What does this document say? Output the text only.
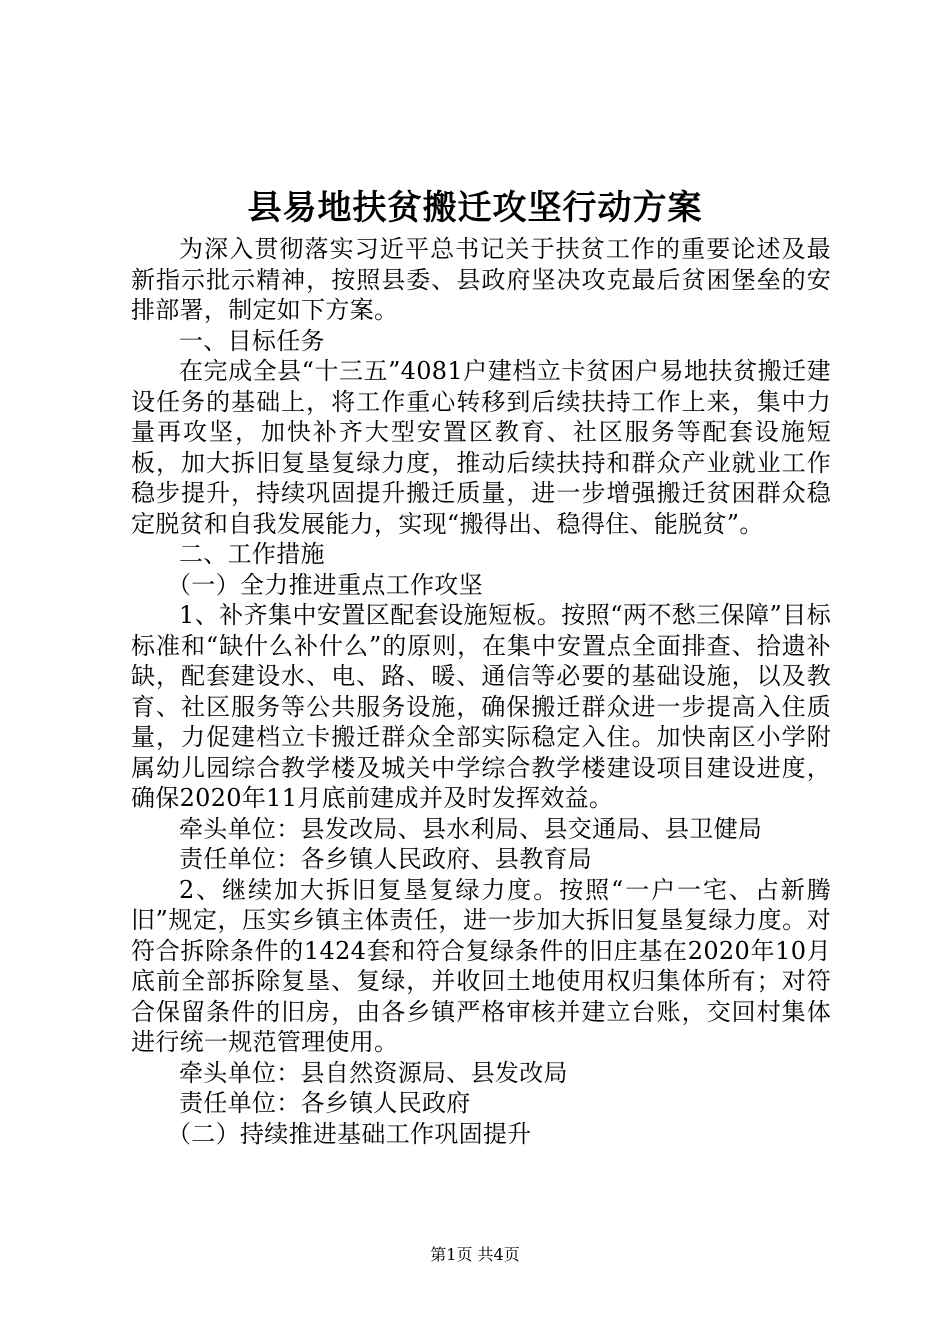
县易地扶贫搬迁攻坚行动方案

为深入贯彻落实习近平总书记关于扶贫工作的重要论述及最新指示批示精神，按照县委、县政府坚决攻克最后贫困堡垒的安排部署，制定如下方案。

一、目标任务

在完成全县“十三五”4081户建档立卡贫困户易地扶贫搬迁建设任务的基础上，将工作重心转移到后续扶持工作上来，集中力量再攻坚，加快补齐大型安置区教育、社区服务等配套设施短板，加大拆旧复垦复绿力度，推动后续扶持和群众产业就业工作稳步提升，持续巩固提升搬迁质量，进一步增强搬迁贫困群众稳定脱贫和自我发展能力，实现“搬得出、稳得住、能脱贫”。

二、工作措施

（一）全力推进重点工作攻坚

1、补齐集中安置区配套设施短板。按照“两不愁三保障”目标标准和“缺什么补什么”的原则，在集中安置点全面排查、拾遗补缺，配套建设水、电、路、暖、通信等必要的基础设施，以及教育、社区服务等公共服务设施，确保搬迁群众进一步提高入住质量，力促建档立卡搬迁群众全部实际稳定入住。加快南区小学附属幼儿园综合教学楼及城关中学综合教学楼建设项目建设进度，确保2020年11月底前建成并及时发挥效益。

牵头单位：县发改局、县水利局、县交通局、县卫健局

责任单位：各乡镇人民政府、县教育局

2、继续加大拆旧复垦复绿力度。按照“一户一宅、占新腾旧”规定，压实乡镇主体责任，进一步加大拆旧复垦复绿力度。对符合拆除条件的1424套和符合复绿条件的旧庄基在2020年10月底前全部拆除复垦、复绿，并收回土地使用权归集体所有；对符合保留条件的旧房，由各乡镇严格审核并建立台账，交回村集体进行统一规范管理使用。

牵头单位：县自然资源局、县发改局

责任单位：各乡镇人民政府

（二）持续推进基础工作巩固提升

第1页 共4页
